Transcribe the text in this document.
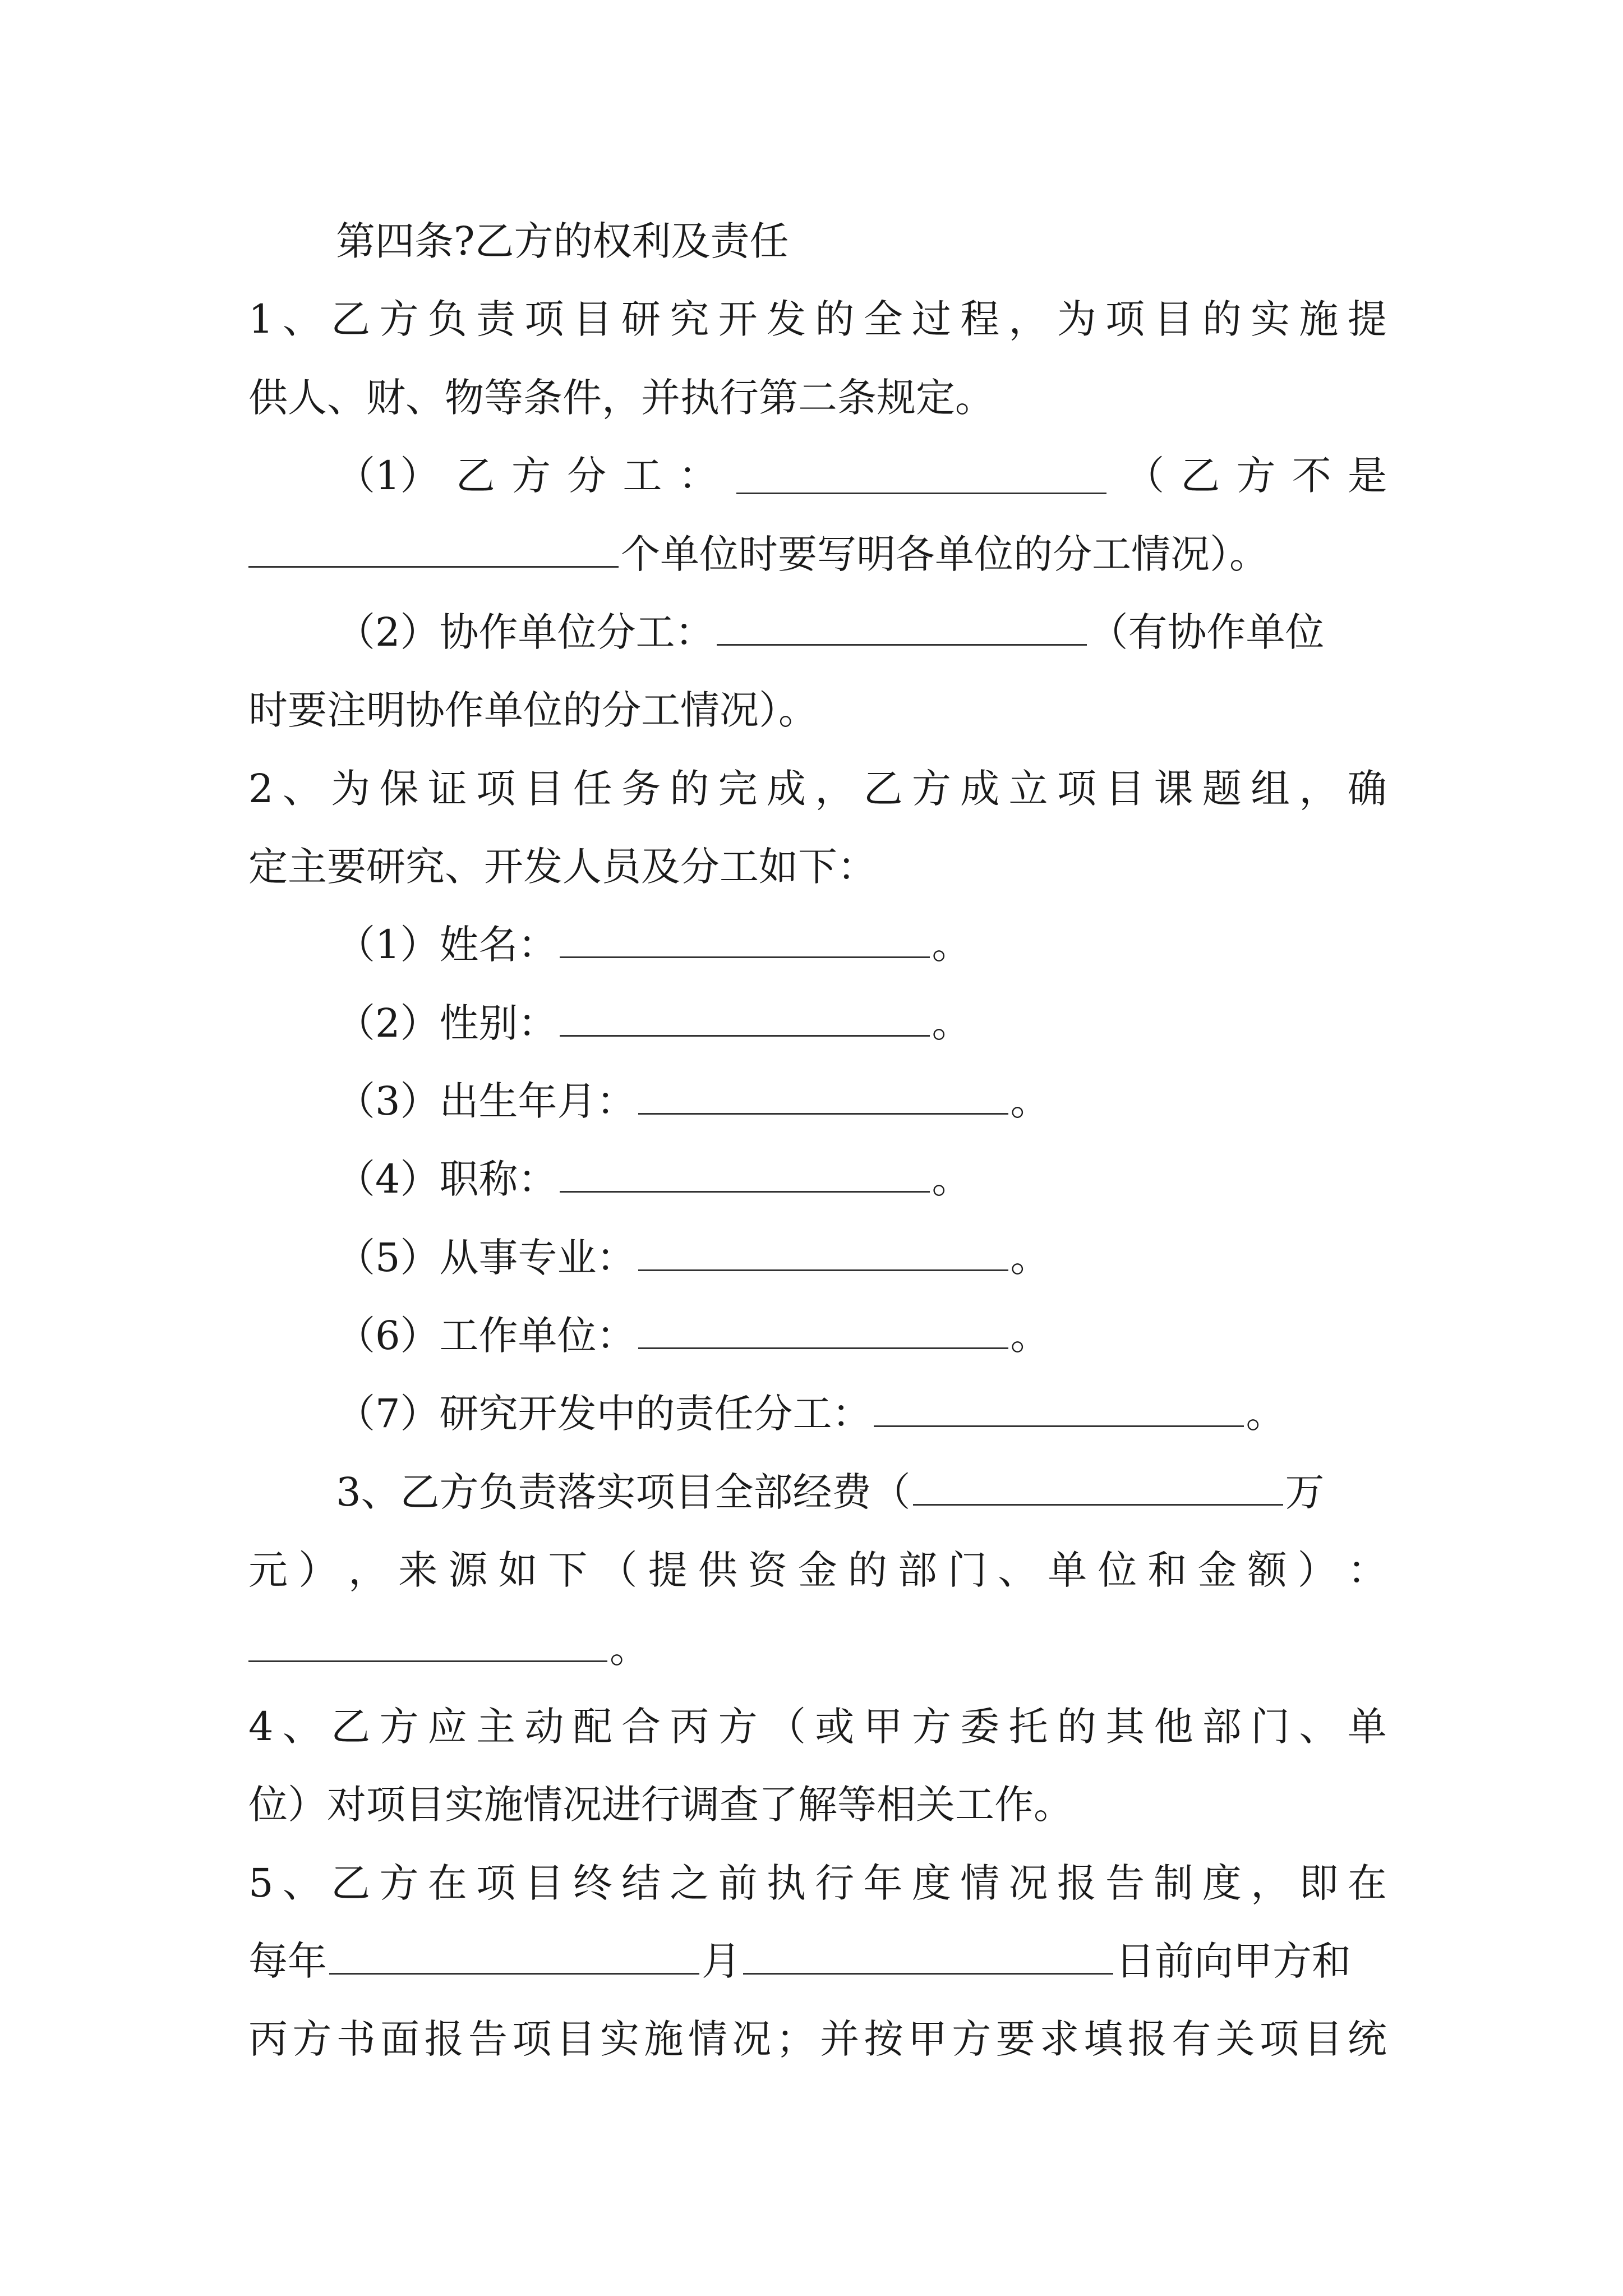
第四条?乙方的权利及责任
1 、 乙 方 负 责 项 目 研 究 开 发 的 全 过 程 ， 为 项 目 的 实 施 提
供人、财、物等条件，并执行第二条规定。
（1） 乙 方 分 工 ：	（ 乙 方 不 是
个单位时要写明各单位的分工情况）。
（2）协作单位分工：	（有协作单位
时要注明协作单位的分工情况）。
2 、 为 保 证 项 目 任 务 的 完 成 ， 乙 方 成 立 项 目 课 题 组 ， 确
定主要研究、开发人员及分工如下：
（1）姓名：	。
（2）性别：	。
（3）出生年月：	。
（4）职称：	。
（5）从事专业：	。
（6）工作单位：	。
（7）研究开发中的责任分工：	。
3、乙方负责落实项目全部经费（	万
元 ） ， 来 源 如 下 （ 提 供 资 金 的 部 门 、 单 位 和 金 额 ） ：
。
4 、 乙 方 应 主 动 配 合 丙 方 （ 或 甲 方 委 托 的 其 他 部 门 、 单
位）对项目实施情况进行调查了解等相关工作。
5 、 乙 方 在 项 目 终 结 之 前 执 行 年 度 情 况 报 告 制 度 ， 即 在
每年	月	日前向甲方和
丙 方 书 面 报 告 项 目 实 施 情 况 ； 并 按 甲 方 要 求 填 报 有 关 项 目 统
